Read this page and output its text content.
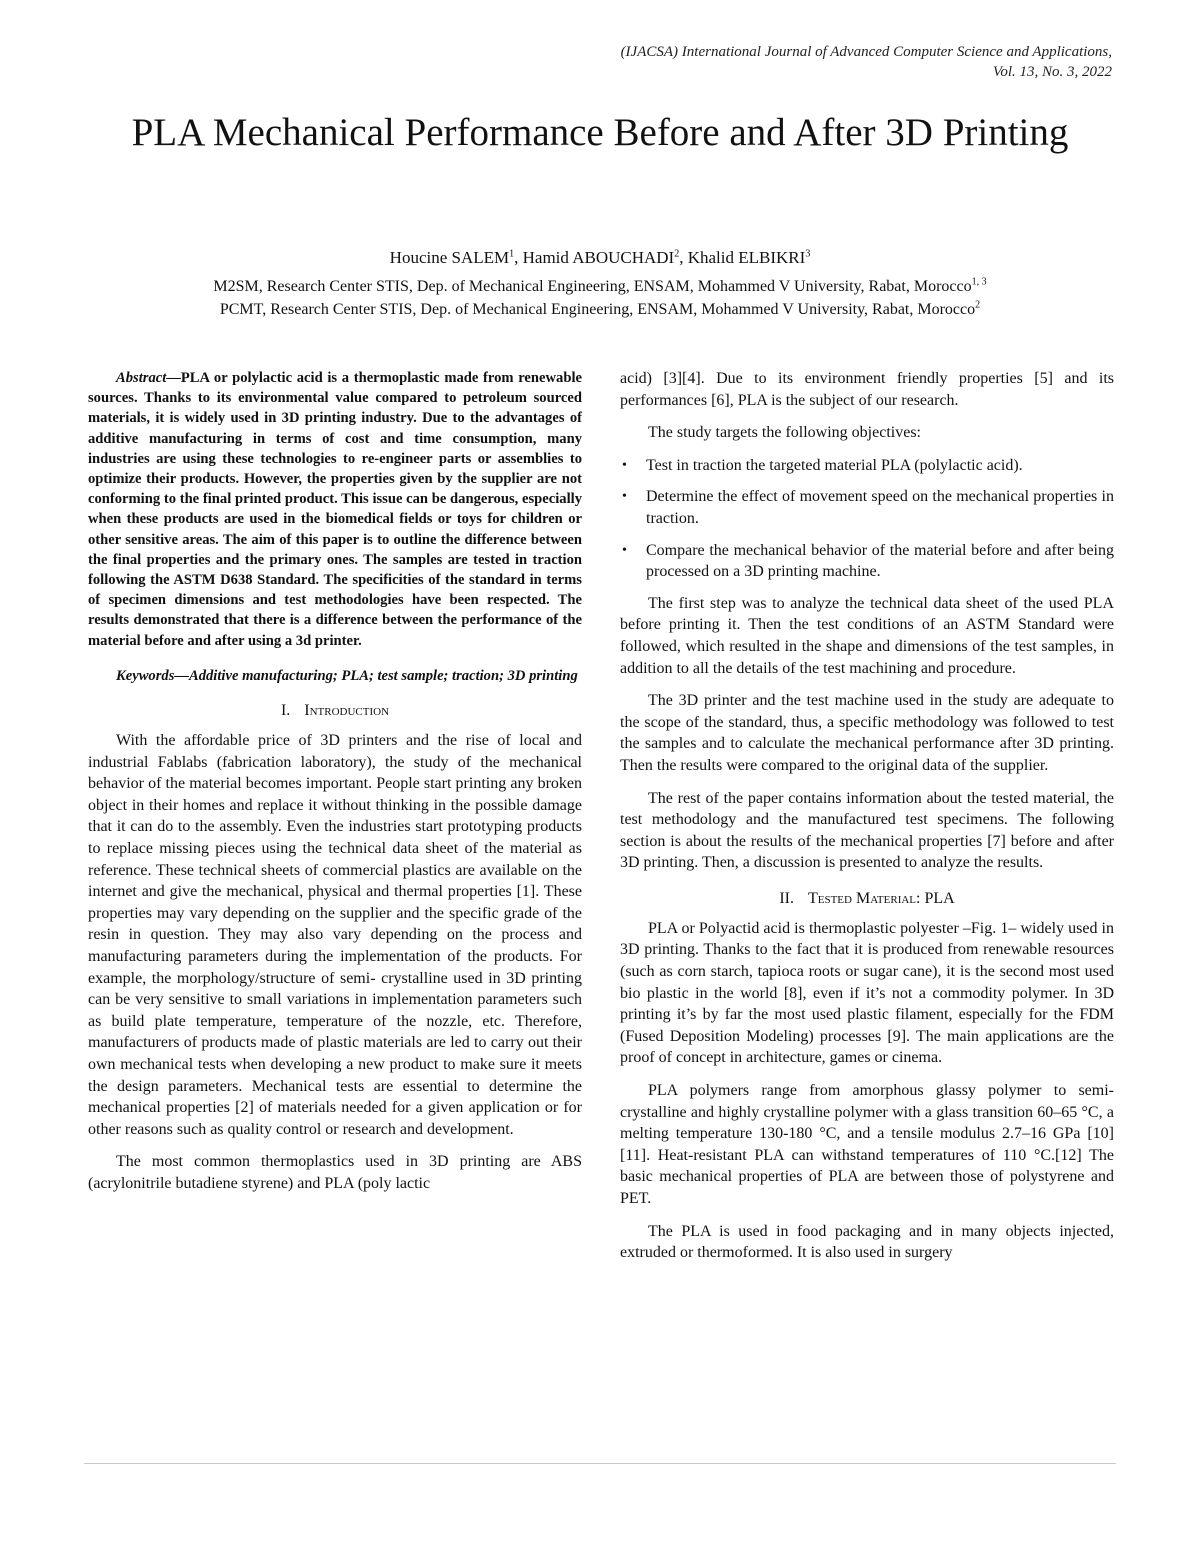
(IJACSA) International Journal of Advanced Computer Science and Applications,
Vol. 13, No. 3, 2022
PLA Mechanical Performance Before and After 3D Printing
Houcine SALEM$^1$, Hamid ABOUCHADI$^2$, Khalid ELBIKRI$^3$
M2SM, Research Center STIS, Dep. of Mechanical Engineering, ENSAM, Mohammed V University, Rabat, Morocco$^{1, 3}$
PCMT, Research Center STIS, Dep. of Mechanical Engineering, ENSAM, Mohammed V University, Rabat, Morocco$^2$

Abstract—PLA or polylactic acid is a thermoplastic made from renewable sources. Thanks to its environmental value compared to petroleum sourced materials, it is widely used in 3D printing industry. Due to the advantages of additive manufacturing in terms of cost and time consumption, many industries are using these technologies to re-engineer parts or assemblies to optimize their products. However, the properties given by the supplier are not conforming to the final printed product. This issue can be dangerous, especially when these products are used in the biomedical fields or toys for children or other sensitive areas. The aim of this paper is to outline the difference between the final properties and the primary ones. The samples are tested in traction following the ASTM D638 Standard. The specificities of the standard in terms of specimen dimensions and test methodologies have been respected. The results demonstrated that there is a difference between the performance of the material before and after using a 3d printer.

Keywords—Additive manufacturing; PLA; test sample; traction; 3D printing

I. Introduction

With the affordable price of 3D printers and the rise of local and industrial Fablabs (fabrication laboratory), the study of the mechanical behavior of the material becomes important. People start printing any broken object in their homes and replace it without thinking in the possible damage that it can do to the assembly. Even the industries start prototyping products to replace missing pieces using the technical data sheet of the material as reference. These technical sheets of commercial plastics are available on the internet and give the mechanical, physical and thermal properties [1]. These properties may vary depending on the supplier and the specific grade of the resin in question. They may also vary depending on the process and manufacturing parameters during the implementation of the products. For example, the morphology/structure of semi- crystalline used in 3D printing can be very sensitive to small variations in implementation parameters such as build plate temperature, temperature of the nozzle, etc. Therefore, manufacturers of products made of plastic materials are led to carry out their own mechanical tests when developing a new product to make sure it meets the design parameters. Mechanical tests are essential to determine the mechanical properties [2] of materials needed for a given application or for other reasons such as quality control or research and development.

The most common thermoplastics used in 3D printing are ABS (acrylonitrile butadiene styrene) and PLA (poly lactic

acid) [3][4]. Due to its environment friendly properties [5] and its performances [6], PLA is the subject of our research.

The study targets the following objectives:

• Test in traction the targeted material PLA (polylactic acid).
• Determine the effect of movement speed on the mechanical properties in traction.
• Compare the mechanical behavior of the material before and after being processed on a 3D printing machine.

The first step was to analyze the technical data sheet of the used PLA before printing it. Then the test conditions of an ASTM Standard were followed, which resulted in the shape and dimensions of the test samples, in addition to all the details of the test machining and procedure.

The 3D printer and the test machine used in the study are adequate to the scope of the standard, thus, a specific methodology was followed to test the samples and to calculate the mechanical performance after 3D printing. Then the results were compared to the original data of the supplier.

The rest of the paper contains information about the tested material, the test methodology and the manufactured test specimens. The following section is about the results of the mechanical properties [7] before and after 3D printing. Then, a discussion is presented to analyze the results.

II. Tested Material: PLA

PLA or Polyactid acid is thermoplastic polyester –Fig. 1– widely used in 3D printing. Thanks to the fact that it is produced from renewable resources (such as corn starch, tapioca roots or sugar cane), it is the second most used bio plastic in the world [8], even if it’s not a commodity polymer. In 3D printing it’s by far the most used plastic filament, especially for the FDM (Fused Deposition Modeling) processes [9]. The main applications are the proof of concept in architecture, games or cinema.

PLA polymers range from amorphous glassy polymer to semi-crystalline and highly crystalline polymer with a glass transition 60–65 °C, a melting temperature 130-180 °C, and a tensile modulus 2.7–16 GPa [10][11]. Heat-resistant PLA can withstand temperatures of 110 °C.[12] The basic mechanical properties of PLA are between those of polystyrene and PET.

The PLA is used in food packaging and in many objects injected, extruded or thermoformed. It is also used in surgery
